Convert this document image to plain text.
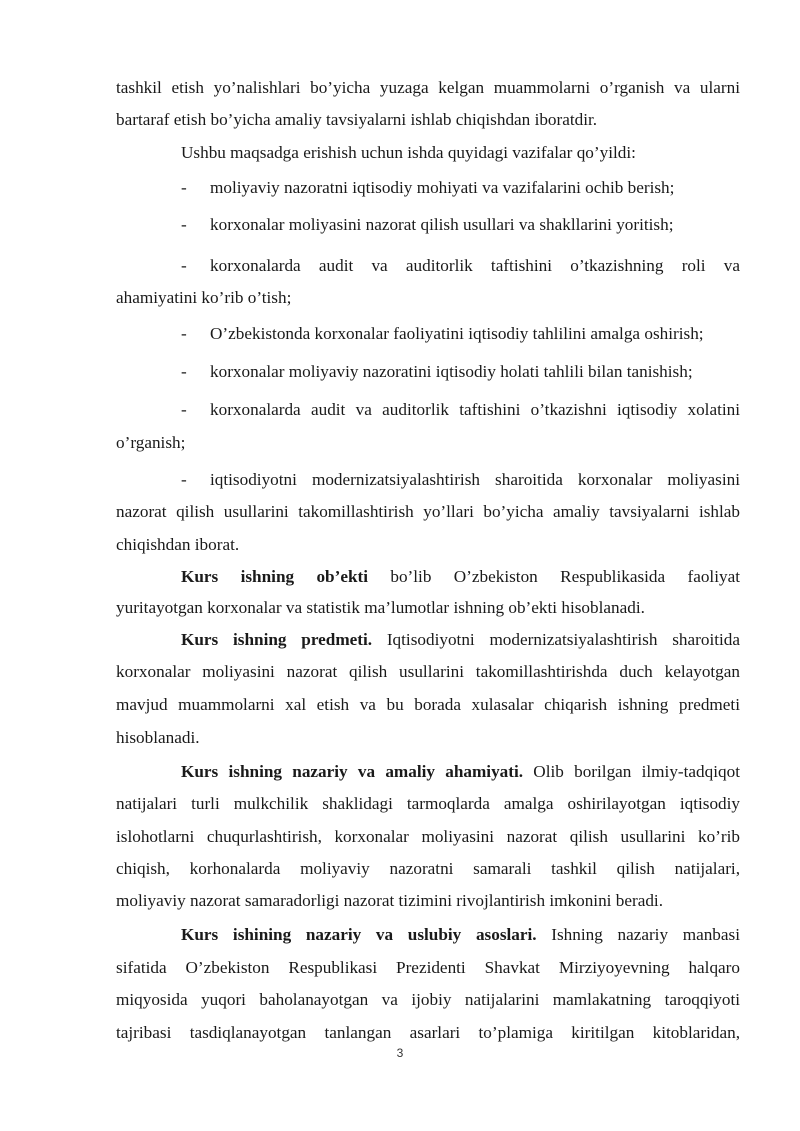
tashkil etish yo’nalishlari bo’yicha yuzaga kelgan muammolarni o’rganish va ularni
bartaraf etish bo’yicha amaliy tavsiyalarni ishlab chiqishdan iboratdir.
Ushbu maqsadga erishish uchun ishda quyidagi vazifalar qo’yildi:
- moliyaviy nazoratni iqtisodiy mohiyati va vazifalarini ochib berish;
- korxonalar moliyasini nazorat qilish usullari va shakllarini yoritish;
- korxonalarda audit va auditorlik taftishini o’tkazishning roli va
ahamiyatini ko’rib o’tish;
- O’zbekistonda korxonalar faoliyatini iqtisodiy tahlilini amalga oshirish;
- korxonalar moliyaviy nazoratini iqtisodiy holati tahlili bilan tanishish;
- korxonalarda audit va auditorlik taftishini o’tkazishni iqtisodiy xolatini
o’rganish;
- iqtisodiyotni modernizatsiyalashtirish sharoitida korxonalar moliyasini
nazorat qilish usullarini takomillashtirish yo’llari bo’yicha amaliy tavsiyalarni ishlab
chiqishdan iborat.
Kurs ishning ob’ekti bo’lib O’zbekiston Respublikasida faoliyat
yuritayotgan korxonalar va statistik ma’lumotlar ishning ob’ekti hisoblanadi.
Kurs ishning predmeti. Iqtisodiyotni modernizatsiyalashtirish sharoitida
korxonalar moliyasini nazorat qilish usullarini takomillashtirishda duch kelayotgan
mavjud muammolarni xal etish va bu borada xulasalar chiqarish ishning predmeti
hisoblanadi.
Kurs ishning nazariy va amaliy ahamiyati. Olib borilgan ilmiy-tadqiqot
natijalari turli mulkchilik shaklidagi tarmoqlarda amalga oshirilayotgan iqtisodiy
islohotlarni chuqurlashtirish, korxonalar moliyasini nazorat qilish usullarini ko’rib
chiqish, korhonalarda moliyaviy nazoratni samarali tashkil qilish natijalari,
moliyaviy nazorat samaradorligi nazorat tizimini rivojlantirish imkonini beradi.
Kurs ishining nazariy va uslubiy asoslari. Ishning nazariy manbasi
sifatida O’zbekiston Respublikasi Prezidenti Shavkat Mirziyoyevning halqaro
miqyosida yuqori baholanayotgan va ijobiy natijalarini mamlakatning taroqqiyoti
tajribasi tasdiqlanayotgan tanlangan asarlari to’plamiga kiritilgan kitoblaridan,
3
